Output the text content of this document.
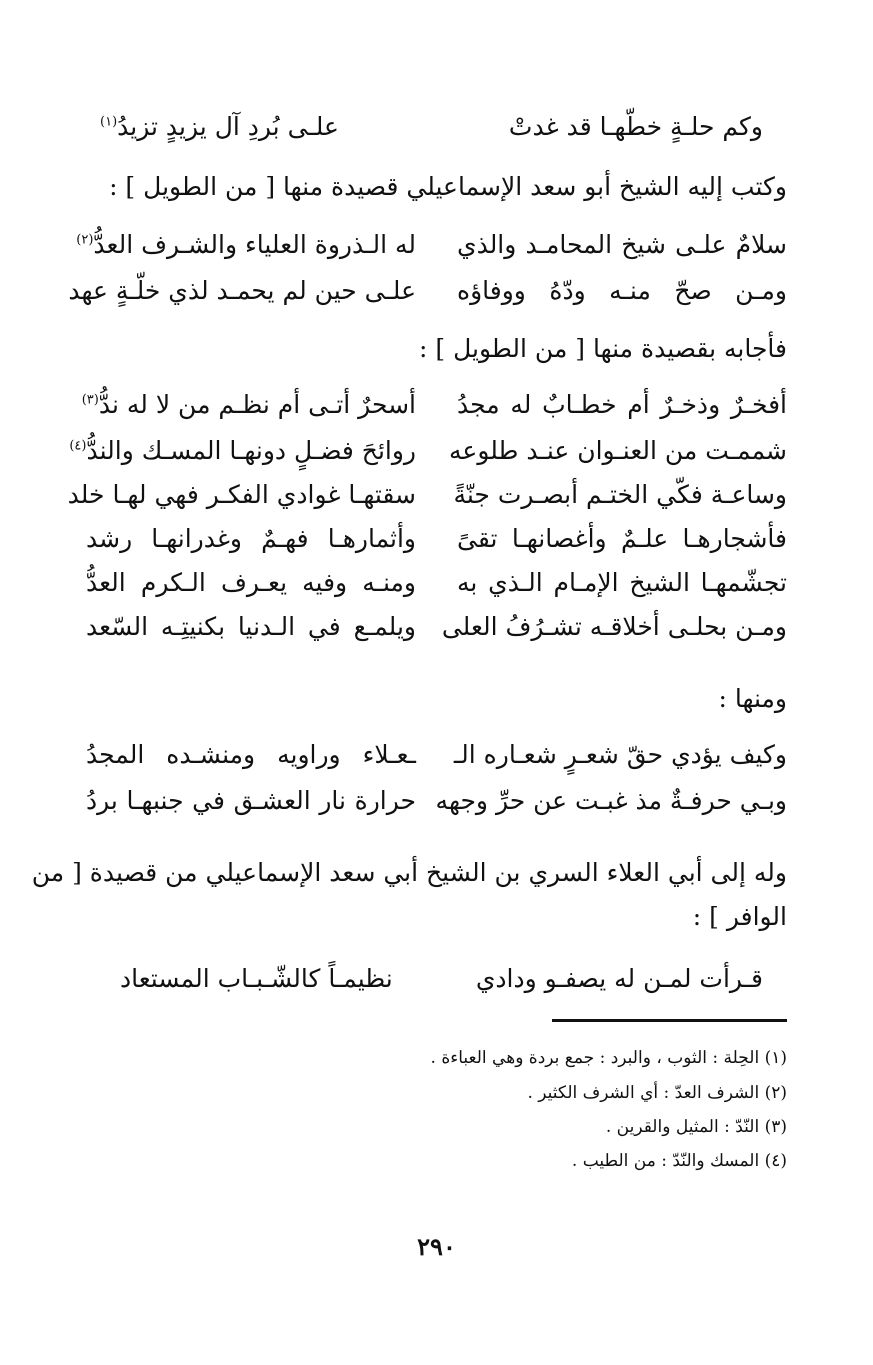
وكم حلـةٍ خطّهـا قد غدتْ
علـى بُردِ آل يزيدٍ تزيدُ$^{(١)}$
وكتب إليه الشيخ أبو سعد الإسماعيلي قصيدة منها [ من الطويل ] :
سلامٌ علـى شيخ المحامـد والذي
له الـذروة العلياء والشـرف العدُّ$^{(٢)}$
ومـن صحّ منـه ودّهُ ووفاؤه
علـى حين لم يحمـد لذي خلّـةٍ عهد
فأجابه بقصيدة منها [ من الطويل ] :
أفخـرٌ وذخـرٌ أم خطـابٌ له مجدُ
أسحرٌ أتـى أم نظـم من لا له ندُّ$^{(٣)}$
شممـت من العنـوان عنـد طلوعه
روائحَ فضـلٍ دونهـا المسـك والندُّ$^{(٤)}$
وساعـة فكّي الختـم أبصـرت جنّةً
سقتهـا غوادي الفكـر فهي لهـا خلد
فأشجارهـا علـمٌ وأغصانهـا تقىً
وأثمارهـا فهـمٌ وغدرانهـا رشد
تجشّمهـا الشيخ الإمـام الـذي به
ومنـه وفيه يعـرف الـكرم العدُّ
ومـن بحلـى أخلاقـه تشـرُفُ العلى
ويلمـع في الـدنيا بكنيتِـه السّعد
ومنها :
وكيف يؤدي حقّ شعـرٍ شعـاره الـ
ـعـلاء وراويه ومنشـده المجدُ
وبـي حرفـةٌ مذ غبـت عن حرِّ وجهه
حرارة نار العشـق في جنبهـا بردُ
وله إلى أبي العلاء السري بن الشيخ أبي سعد الإسماعيلي من قصيدة [ من
الوافر ] :
قـرأت لمـن له يصفـو ودادي
نظيمـاً كالشّـبـاب المستعاد
(١) الحِلة : الثوب ، والبرد : جمع بردة وهي العباءة .
(٢) الشرف العدّ : أي الشرف الكثير .
(٣) النّدّ : المثيل والقرين .
(٤) المسك والنّدّ : من الطيب .
٢٩٠
